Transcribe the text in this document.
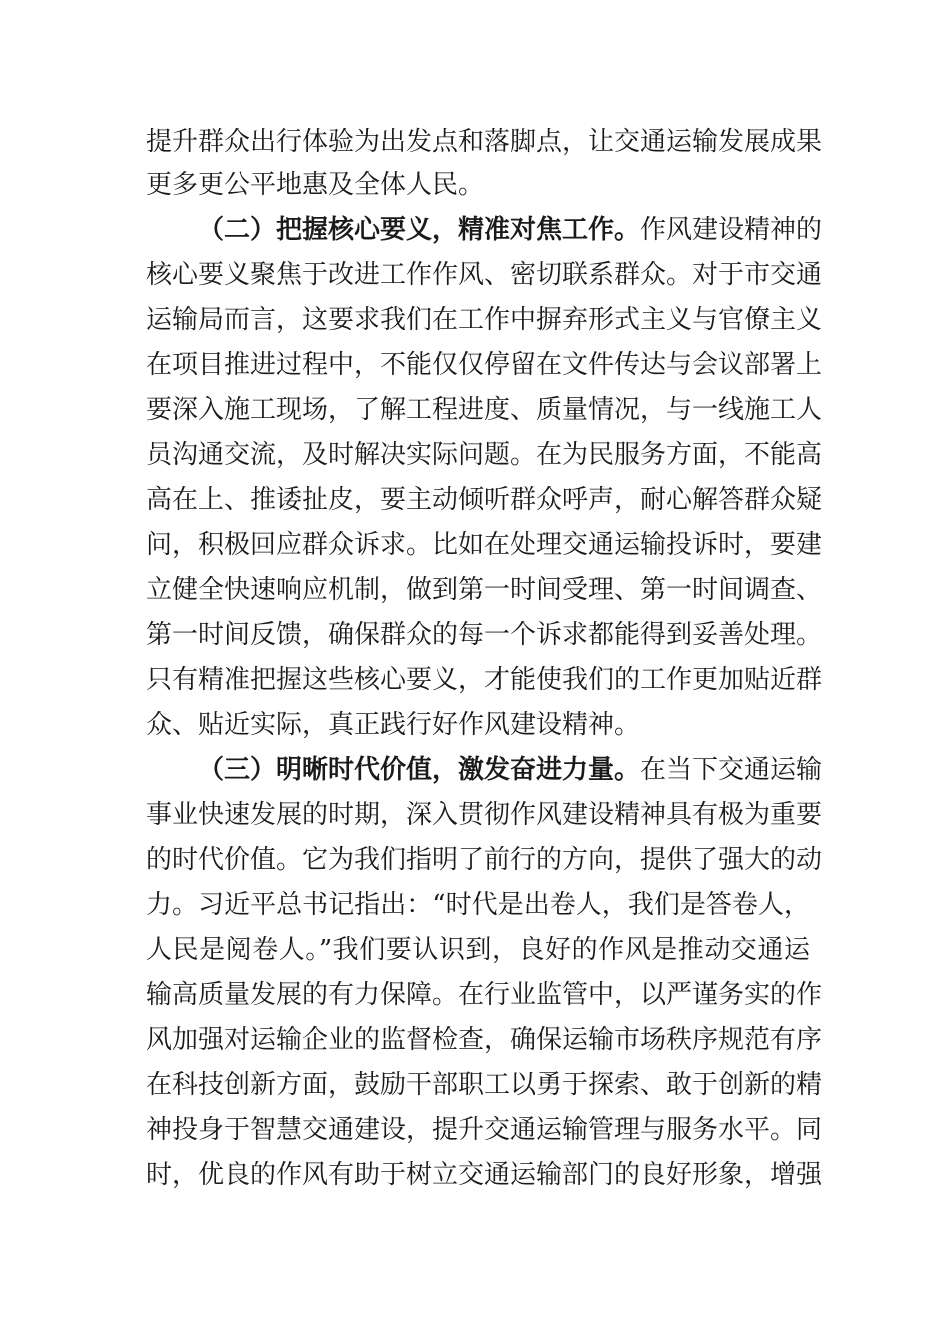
提升群众出行体验为出发点和落脚点，让交通运输发展成果
更多更公平地惠及全体人民。
（二）把握核心要义，精准对焦工作。作风建设精神的
核心要义聚焦于改进工作作风、密切联系群众。对于市交通
运输局而言，这要求我们在工作中摒弃形式主义与官僚主义
在项目推进过程中，不能仅仅停留在文件传达与会议部署上
要深入施工现场，了解工程进度、质量情况，与一线施工人
员沟通交流，及时解决实际问题。在为民服务方面，不能高
高在上、推诿扯皮，要主动倾听群众呼声，耐心解答群众疑
问，积极回应群众诉求。比如在处理交通运输投诉时，要建
立健全快速响应机制，做到第一时间受理、第一时间调查、
第一时间反馈，确保群众的每一个诉求都能得到妥善处理。
只有精准把握这些核心要义，才能使我们的工作更加贴近群
众、贴近实际，真正践行好作风建设精神。
（三）明晰时代价值，激发奋进力量。在当下交通运输
事业快速发展的时期，深入贯彻作风建设精神具有极为重要
的时代价值。它为我们指明了前行的方向，提供了强大的动
力。习近平总书记指出：“时代是出卷人，我们是答卷人，
人民是阅卷人。”我们要认识到，良好的作风是推动交通运
输高质量发展的有力保障。在行业监管中，以严谨务实的作
风加强对运输企业的监督检查，确保运输市场秩序规范有序
在科技创新方面，鼓励干部职工以勇于探索、敢于创新的精
神投身于智慧交通建设，提升交通运输管理与服务水平。同
时，优良的作风有助于树立交通运输部门的良好形象，增强
